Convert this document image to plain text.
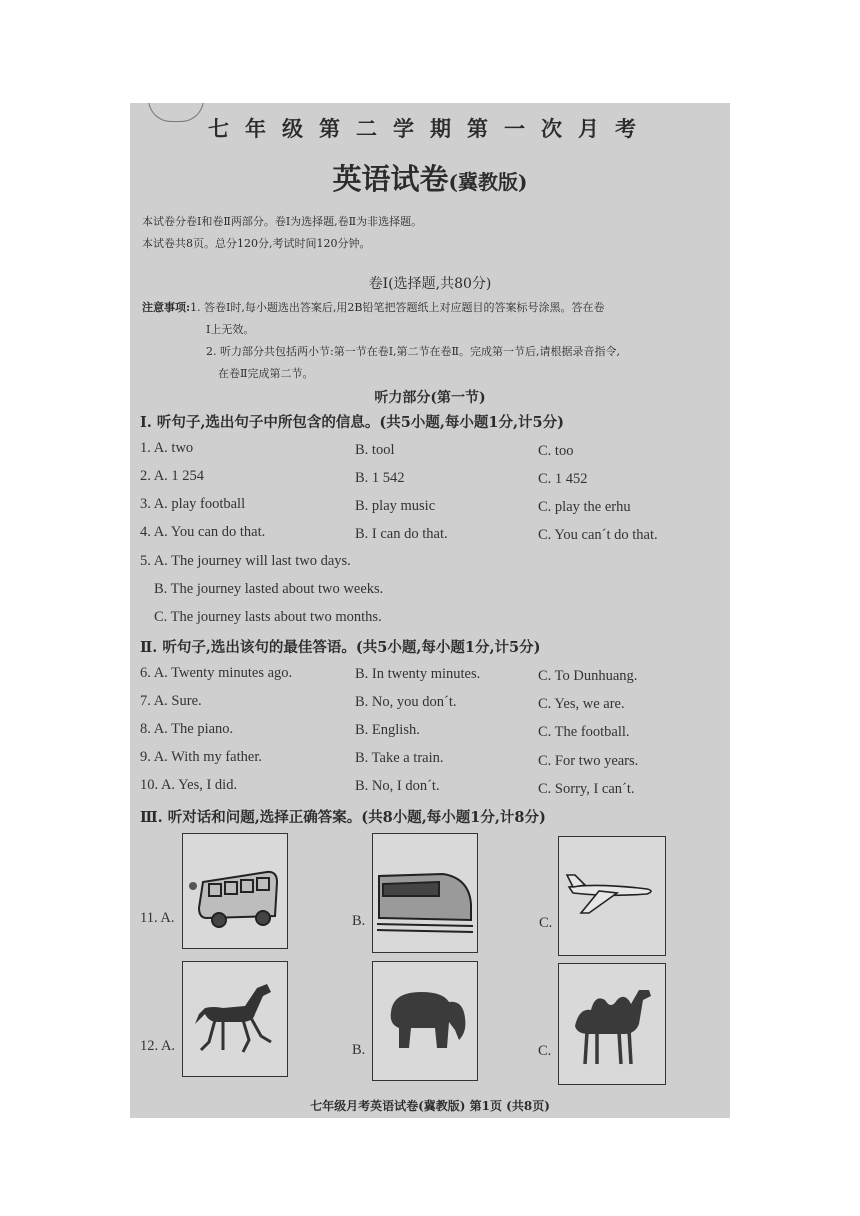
七年级第二学期第一次月考
英语试卷(冀教版)
本试卷分卷Ⅰ和卷Ⅱ两部分。卷Ⅰ为选择题,卷Ⅱ为非选择题。
本试卷共8页。总分120分,考试时间120分钟。
卷Ⅰ(选择题,共80分)
注意事项:1. 答卷Ⅰ时,每小题选出答案后,用2B铅笔把答题纸上对应题目的答案标号涂黑。答在卷
Ⅰ上无效。
2. 听力部分共包括两小节:第一节在卷Ⅰ,第二节在卷Ⅱ。完成第一节后,请根据录音指令,
在卷Ⅱ完成第二节。
听力部分(第一节)
Ⅰ. 听句子,选出句子中所包含的信息。(共5小题,每小题1分,计5分)
1. A. two	B. tool	C. too
2. A. 1 254	B. 1 542	C. 1 452
3. A. play football	B. play music	C. play the erhu
4. A. You can do that.	B. I can do that.	C. You can´t do that.
5. A. The journey will last two days.
B. The journey lasted about two weeks.
C. The journey lasts about two months.
Ⅱ. 听句子,选出该句的最佳答语。(共5小题,每小题1分,计5分)
6. A. Twenty minutes ago.	B. In twenty minutes.	C. To Dunhuang.
7. A. Sure.	B. No, you don´t.	C. Yes, we are.
8. A. The piano.	B. English.	C. The football.
9. A. With my father.	B. Take a train.	C. For two years.
10. A. Yes, I did.	B. No, I don´t.	C. Sorry, I can´t.
Ⅲ. 听对话和问题,选择正确答案。(共8小题,每小题1分,计8分)
11. A.	B.	C.
12. A.	B.	C.
七年级月考英语试卷(冀教版) 第1页 (共8页)
